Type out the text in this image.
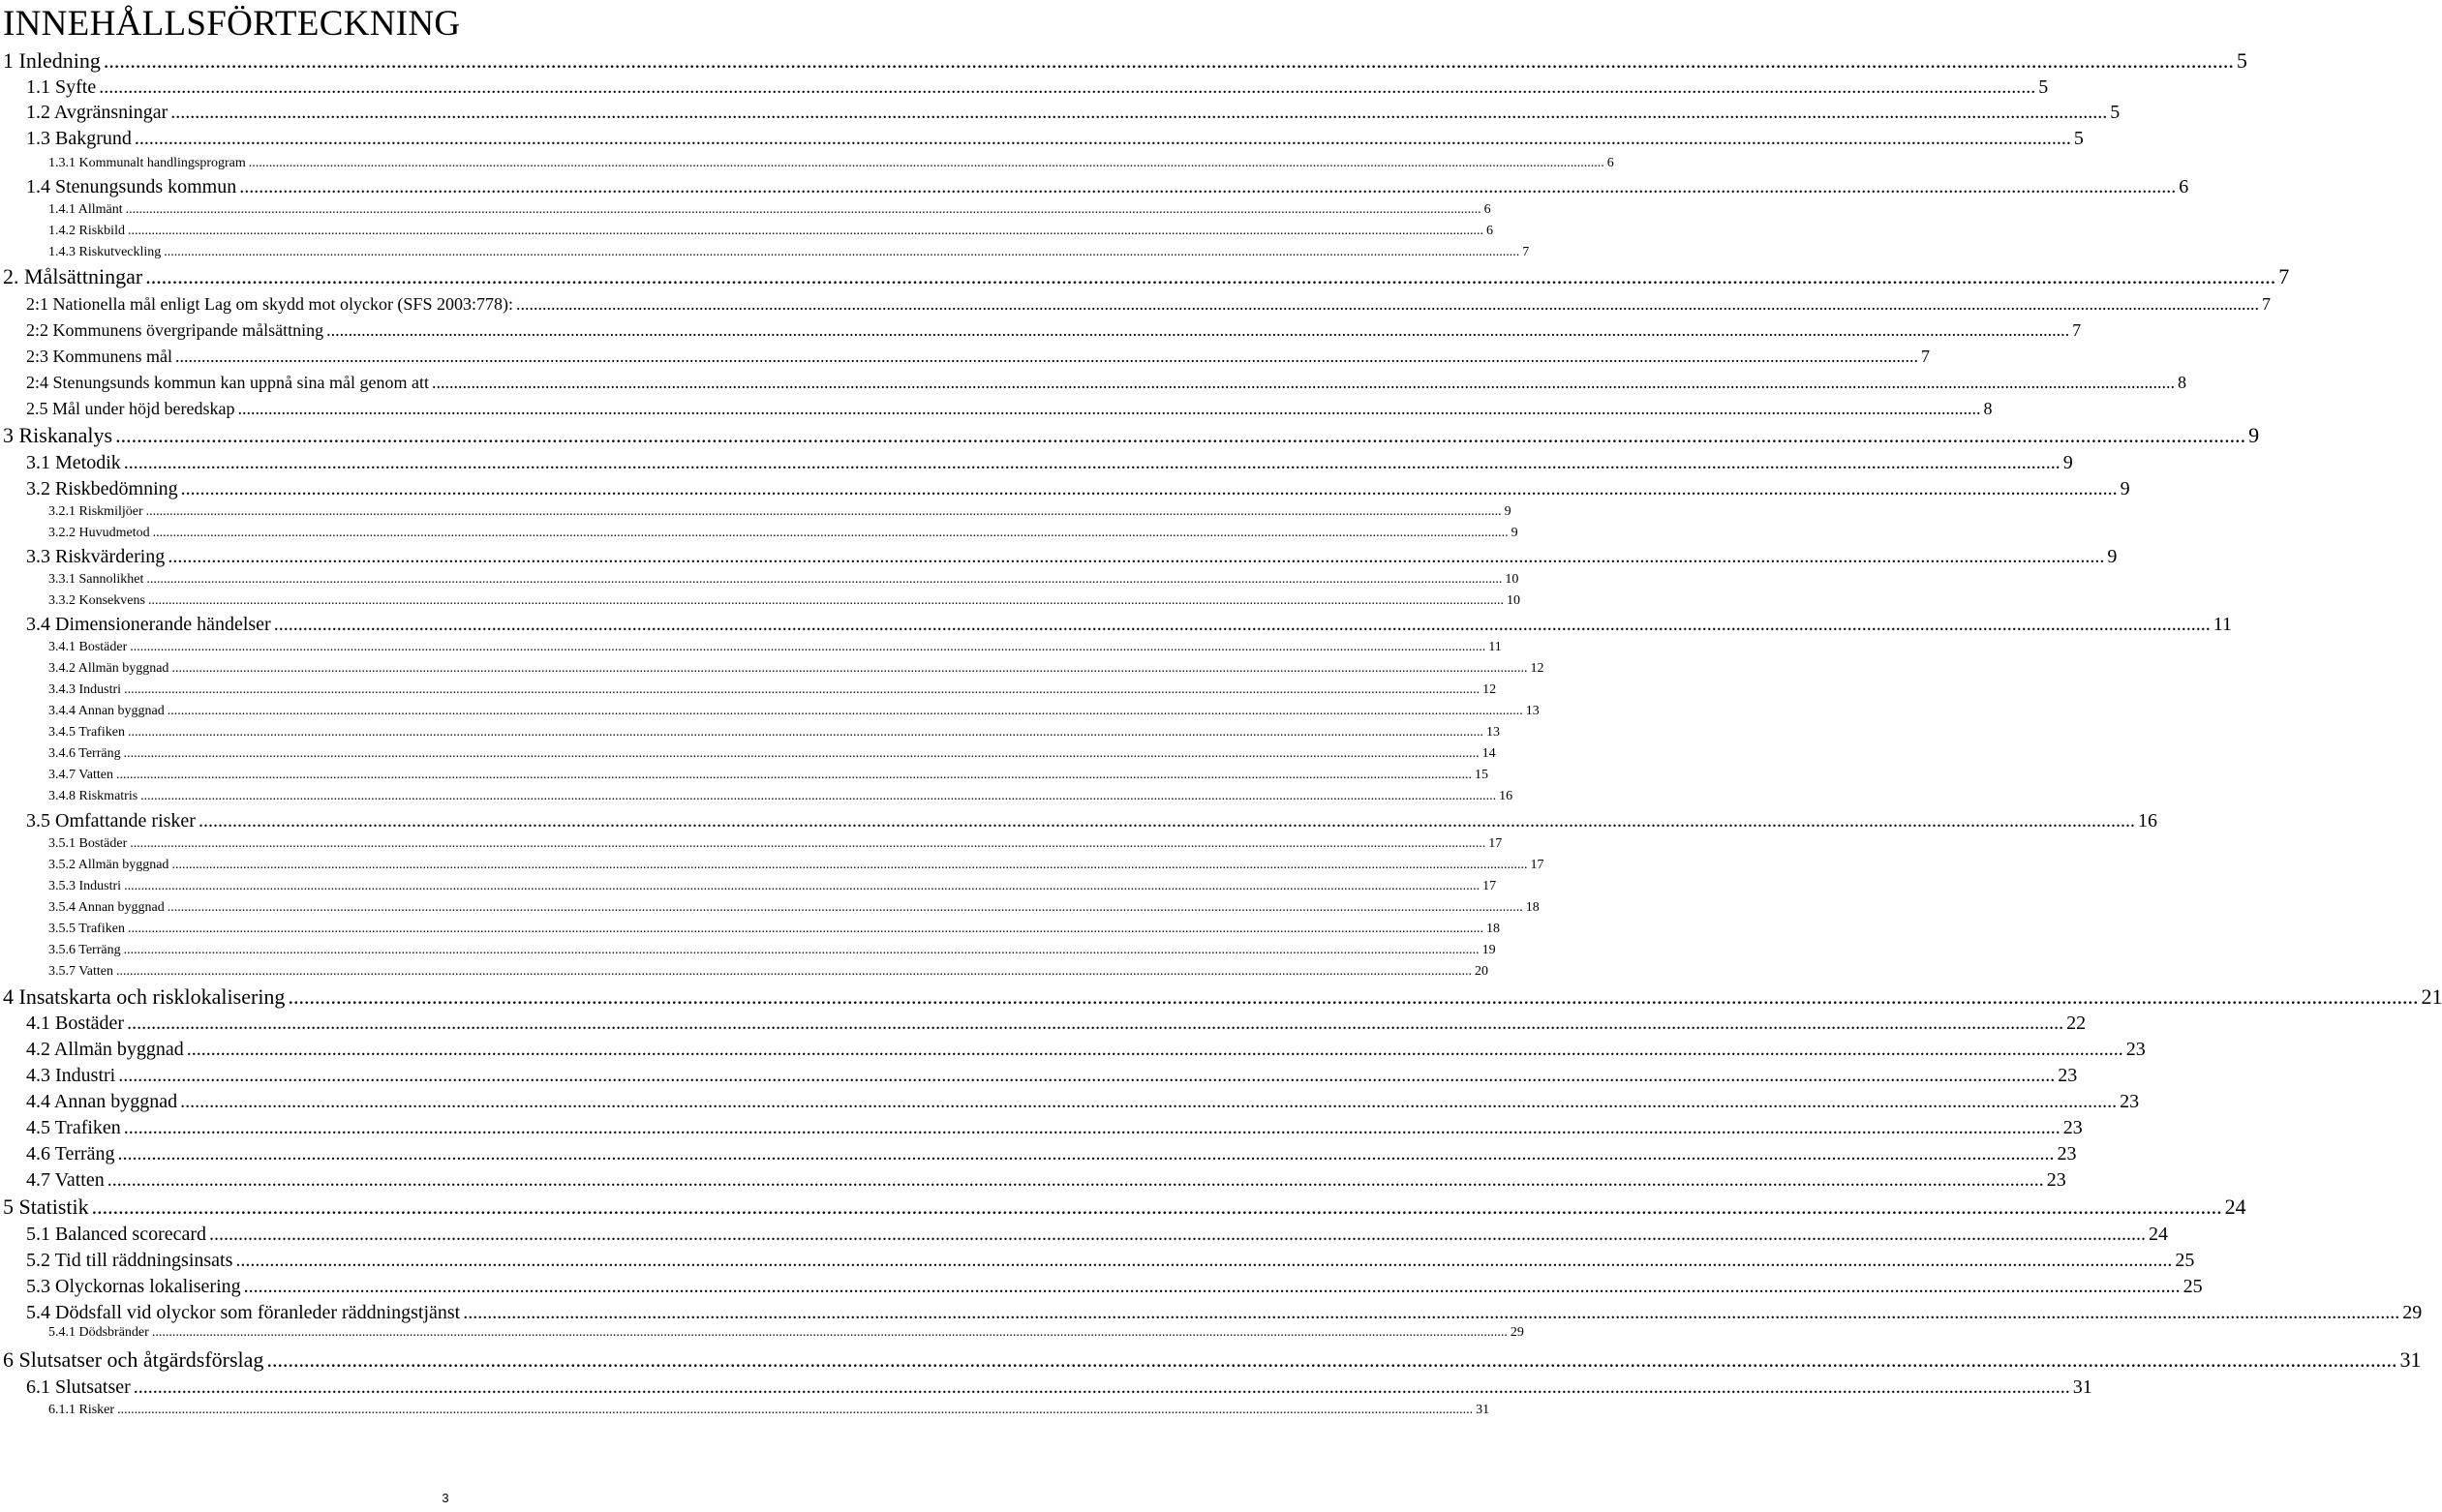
INNEHÅLLSFÖRTECKNING
1 Inledning ................................................................................................................................................................................................................................................................................................................................................................................................................ 5
1.1 Syfte ................................................................................................................................................................................................................................................................................................................................................................................................................ 5
1.2 Avgränsningar ................................................................................................................................................................................................................................................................................................................................................................................................................ 5
1.3 Bakgrund ................................................................................................................................................................................................................................................................................................................................................................................................................ 5
1.3.1 Kommunalt handlingsprogram ................................................................................................................................................................................................................................................................................................................................................................................................................ 6
1.4 Stenungsunds kommun ................................................................................................................................................................................................................................................................................................................................................................................................................ 6
1.4.1 Allmänt ................................................................................................................................................................................................................................................................................................................................................................................................................ 6
1.4.2 Riskbild ................................................................................................................................................................................................................................................................................................................................................................................................................ 6
1.4.3 Riskutveckling ................................................................................................................................................................................................................................................................................................................................................................................................................ 7
2. Målsättningar ................................................................................................................................................................................................................................................................................................................................................................................................................ 7
2:1 Nationella mål enligt Lag om skydd mot olyckor (SFS 2003:778): ................................................................................................................................................................................................................................................................................................................................................................................................................ 7
2:2 Kommunens övergripande målsättning ................................................................................................................................................................................................................................................................................................................................................................................................................ 7
2:3 Kommunens mål ................................................................................................................................................................................................................................................................................................................................................................................................................ 7
2:4 Stenungsunds kommun kan uppnå sina mål genom att ................................................................................................................................................................................................................................................................................................................................................................................................................ 8
2.5 Mål under höjd beredskap ................................................................................................................................................................................................................................................................................................................................................................................................................ 8
3 Riskanalys ................................................................................................................................................................................................................................................................................................................................................................................................................ 9
3.1 Metodik ................................................................................................................................................................................................................................................................................................................................................................................................................ 9
3.2 Riskbedömning ................................................................................................................................................................................................................................................................................................................................................................................................................ 9
3.2.1 Riskmiljöer ................................................................................................................................................................................................................................................................................................................................................................................................................ 9
3.2.2 Huvudmetod ................................................................................................................................................................................................................................................................................................................................................................................................................ 9
3.3 Riskvärdering ................................................................................................................................................................................................................................................................................................................................................................................................................ 9
3.3.1 Sannolikhet ................................................................................................................................................................................................................................................................................................................................................................................................................ 10
3.3.2 Konsekvens ................................................................................................................................................................................................................................................................................................................................................................................................................ 10
3.4 Dimensionerande händelser ................................................................................................................................................................................................................................................................................................................................................................................................................ 11
3.4.1 Bostäder ................................................................................................................................................................................................................................................................................................................................................................................................................ 11
3.4.2 Allmän byggnad ................................................................................................................................................................................................................................................................................................................................................................................................................ 12
3.4.3 Industri ................................................................................................................................................................................................................................................................................................................................................................................................................ 12
3.4.4 Annan byggnad ................................................................................................................................................................................................................................................................................................................................................................................................................ 13
3.4.5 Trafiken ................................................................................................................................................................................................................................................................................................................................................................................................................ 13
3.4.6 Terräng ................................................................................................................................................................................................................................................................................................................................................................................................................ 14
3.4.7 Vatten ................................................................................................................................................................................................................................................................................................................................................................................................................ 15
3.4.8 Riskmatris ................................................................................................................................................................................................................................................................................................................................................................................................................ 16
3.5 Omfattande risker ................................................................................................................................................................................................................................................................................................................................................................................................................ 16
3.5.1 Bostäder ................................................................................................................................................................................................................................................................................................................................................................................................................ 17
3.5.2 Allmän byggnad ................................................................................................................................................................................................................................................................................................................................................................................................................ 17
3.5.3 Industri ................................................................................................................................................................................................................................................................................................................................................................................................................ 17
3.5.4 Annan byggnad ................................................................................................................................................................................................................................................................................................................................................................................................................ 18
3.5.5 Trafiken ................................................................................................................................................................................................................................................................................................................................................................................................................ 18
3.5.6 Terräng ................................................................................................................................................................................................................................................................................................................................................................................................................ 19
3.5.7 Vatten ................................................................................................................................................................................................................................................................................................................................................................................................................ 20
4 Insatskarta och risklokalisering ................................................................................................................................................................................................................................................................................................................................................................................................................ 21
4.1 Bostäder ................................................................................................................................................................................................................................................................................................................................................................................................................ 22
4.2 Allmän byggnad ................................................................................................................................................................................................................................................................................................................................................................................................................ 23
4.3 Industri ................................................................................................................................................................................................................................................................................................................................................................................................................ 23
4.4 Annan byggnad ................................................................................................................................................................................................................................................................................................................................................................................................................ 23
4.5 Trafiken ................................................................................................................................................................................................................................................................................................................................................................................................................ 23
4.6 Terräng ................................................................................................................................................................................................................................................................................................................................................................................................................ 23
4.7 Vatten ................................................................................................................................................................................................................................................................................................................................................................................................................ 23
5 Statistik ................................................................................................................................................................................................................................................................................................................................................................................................................ 24
5.1 Balanced scorecard ................................................................................................................................................................................................................................................................................................................................................................................................................ 24
5.2 Tid till räddningsinsats ................................................................................................................................................................................................................................................................................................................................................................................................................ 25
5.3 Olyckornas lokalisering ................................................................................................................................................................................................................................................................................................................................................................................................................ 25
5.4 Dödsfall vid olyckor som föranleder räddningstjänst ................................................................................................................................................................................................................................................................................................................................................................................................................ 29
5.4.1 Dödsbränder ................................................................................................................................................................................................................................................................................................................................................................................................................ 29
6 Slutsatser och åtgärdsförslag ................................................................................................................................................................................................................................................................................................................................................................................................................ 31
6.1 Slutsatser ................................................................................................................................................................................................................................................................................................................................................................................................................ 31
6.1.1 Risker ................................................................................................................................................................................................................................................................................................................................................................................................................ 31
3
